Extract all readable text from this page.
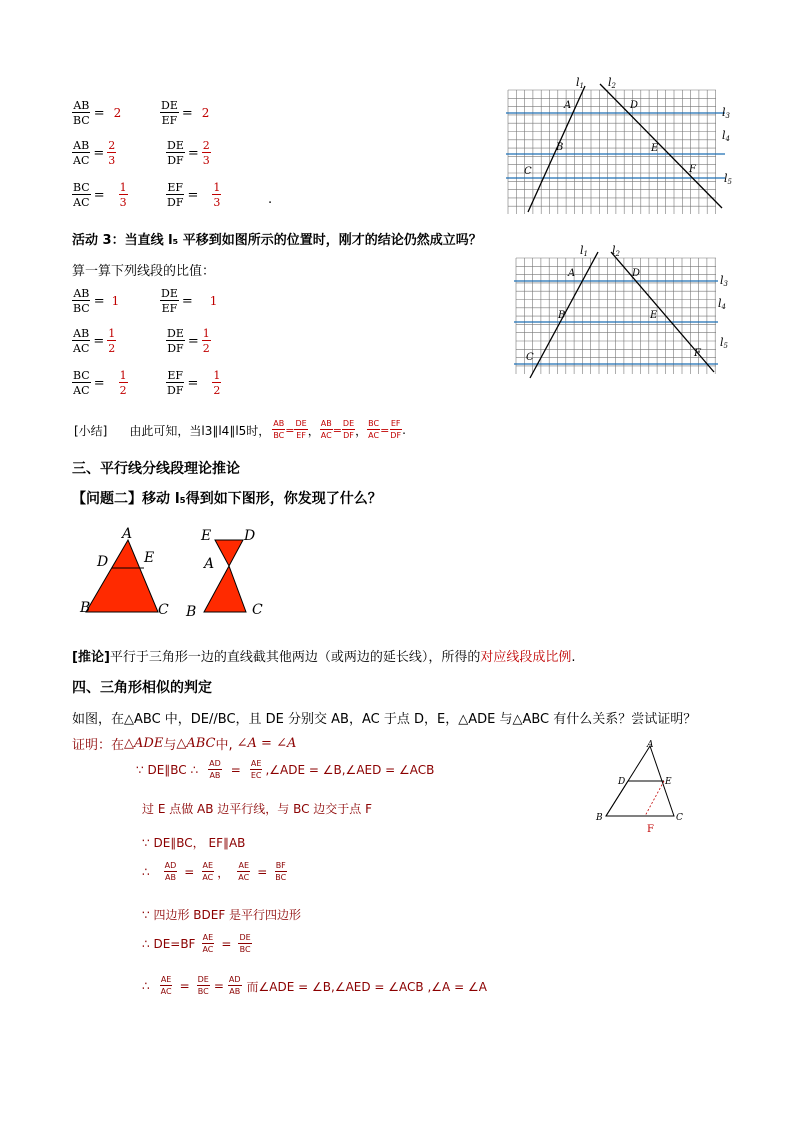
$\frac{AB}{BC} = 2$	$\frac{DE}{EF} = 2$
$\frac{AB}{AC} = \frac{2}{3}$	$\frac{DE}{DF} = \frac{2}{3}$
$\frac{BC}{AC} = \frac{1}{3}$	$\frac{EF}{DF} = \frac{1}{3}$	.
l1 l2
l3
l4
l5
A
B
C
D
E
F
活动 3：当直线 l₅ 平移到如图所示的位置时，刚才的结论仍然成立吗？
算一算下列线段的比值：
$\frac{AB}{BC} = 1$	$\frac{DE}{EF} = 1$
$\frac{AB}{AC} = \frac{1}{2}$	$\frac{DE}{DF} = \frac{1}{2}$
$\frac{BC}{AC} = \frac{1}{2}$	$\frac{EF}{DF} = \frac{1}{2}$
l1 l2
l3
l4
l5
A
B
C
D
E
F
[小结] 由此可知，当l3∥l4∥l5时， $\frac{AB}{BC} = \frac{DE}{EF}$ ， $\frac{AB}{AC} = \frac{DE}{DF}$ ， $\frac{BC}{AC} = \frac{EF}{DF}$ .
三、平行线分线段理论推论
【问题二】移动 l₅得到如下图形，你发现了什么？
A
D	E
B	C
E D
A
B	C
[推论]平行于三角形一边的直线截其他两边（或两边的延长线），所得的对应线段成比例.
四、三角形相似的判定
如图，在△ABC 中，DE//BC，且 DE 分别交 AB，AC 于点 D，E，△ADE 与△ABC 有什么关系？尝试证明？
证明：在 △ADE 与 △ABC 中, ∠A = ∠A
∵ DE∥BC ∴ $\frac{AD}{AB} = \frac{AE}{EC}$ ,∠ADE = ∠B,∠AED = ∠ACB
过 E 点做 AB 边平行线，与 BC 边交于点 F
∵ DE∥BC， EF∥AB
∴ $\frac{AD}{AB} = \frac{AE}{AC}$ ， $\frac{AE}{AC} = \frac{BF}{BC}$
∵ 四边形 BDEF 是平行四边形
∴ $DE=BF \frac{AE}{AC} = \frac{DE}{BC}$
∴ $\frac{AE}{AC} = \frac{DE}{BC} = \frac{AD}{AB}$ 而∠ADE = ∠B,∠AED = ∠ACB ,∠A = ∠A
A
D	E
B	C
F
